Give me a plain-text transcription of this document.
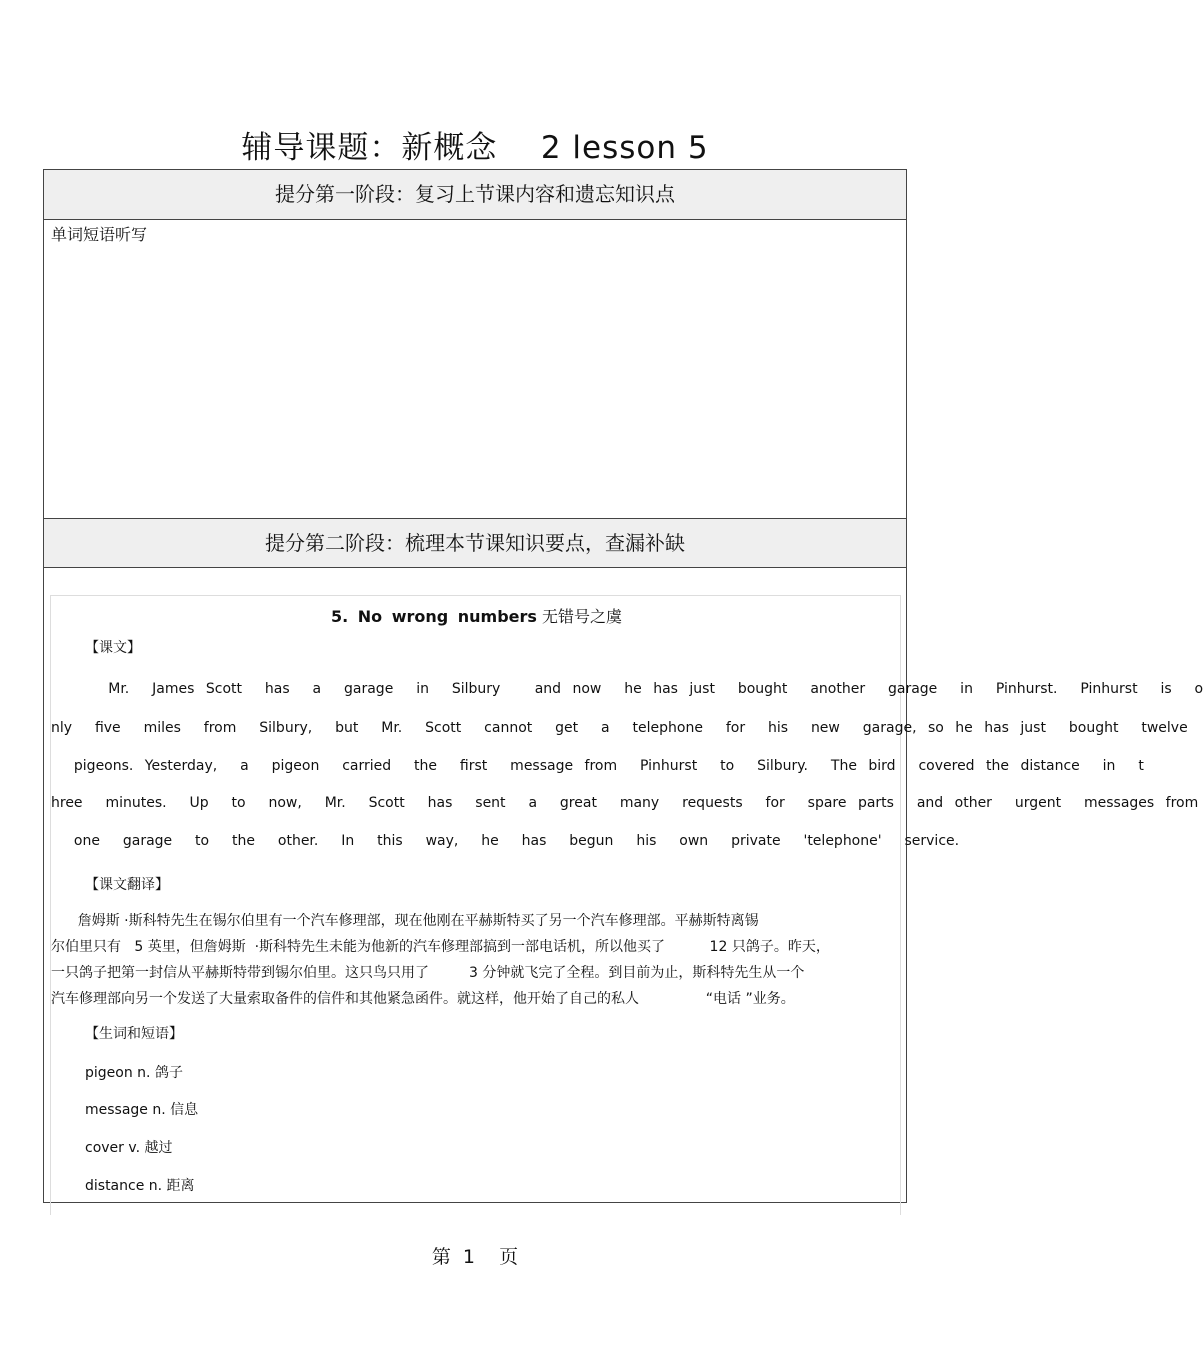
辅导课题：新概念    2 lesson 5
提分第一阶段：复习上节课内容和遗忘知识点
单词短语听写
提分第二阶段：梳理本节课知识要点，查漏补缺
5. No wrong numbers 无错号之虞
【课文】
Mr.  James Scott  has  a  garage  in  Silbury   and now  he has just  bought  another  garage  in  Pinhurst.  Pinhurst  is  o
nly  five  miles  from  Silbury,  but  Mr.  Scott  cannot  get  a  telephone  for  his  new  garage, so he has just  bought  twelve
pigeons. Yesterday,  a  pigeon  carried  the  first  message from  Pinhurst  to  Silbury.  The bird  covered the distance  in  t
hree  minutes.  Up  to  now,  Mr.  Scott  has  sent  a  great  many  requests  for  spare parts  and other  urgent  messages from
one  garage  to  the  other.  In  this  way,  he  has  begun  his  own  private  'telephone'  service.
【课文翻译】
詹姆斯 ·斯科特先生在锡尔伯里有一个汽车修理部，现在他刚在平赫斯特买了另一个汽车修理部。平赫斯特离锡
尔伯里只有   5 英里，但詹姆斯  ·斯科特先生未能为他新的汽车修理部搞到一部电话机，所以他买了          12 只鸽子。昨天，
一只鸽子把第一封信从平赫斯特带到锡尔伯里。这只鸟只用了         3 分钟就飞完了全程。到目前为止，斯科特先生从一个
汽车修理部向另一个发送了大量索取备件的信件和其他紧急函件。就这样，他开始了自己的私人               “电话 ”业务。
【生词和短语】
pigeon n. 鸽子
message n. 信息
cover v. 越过
distance n. 距离
第 1  页
